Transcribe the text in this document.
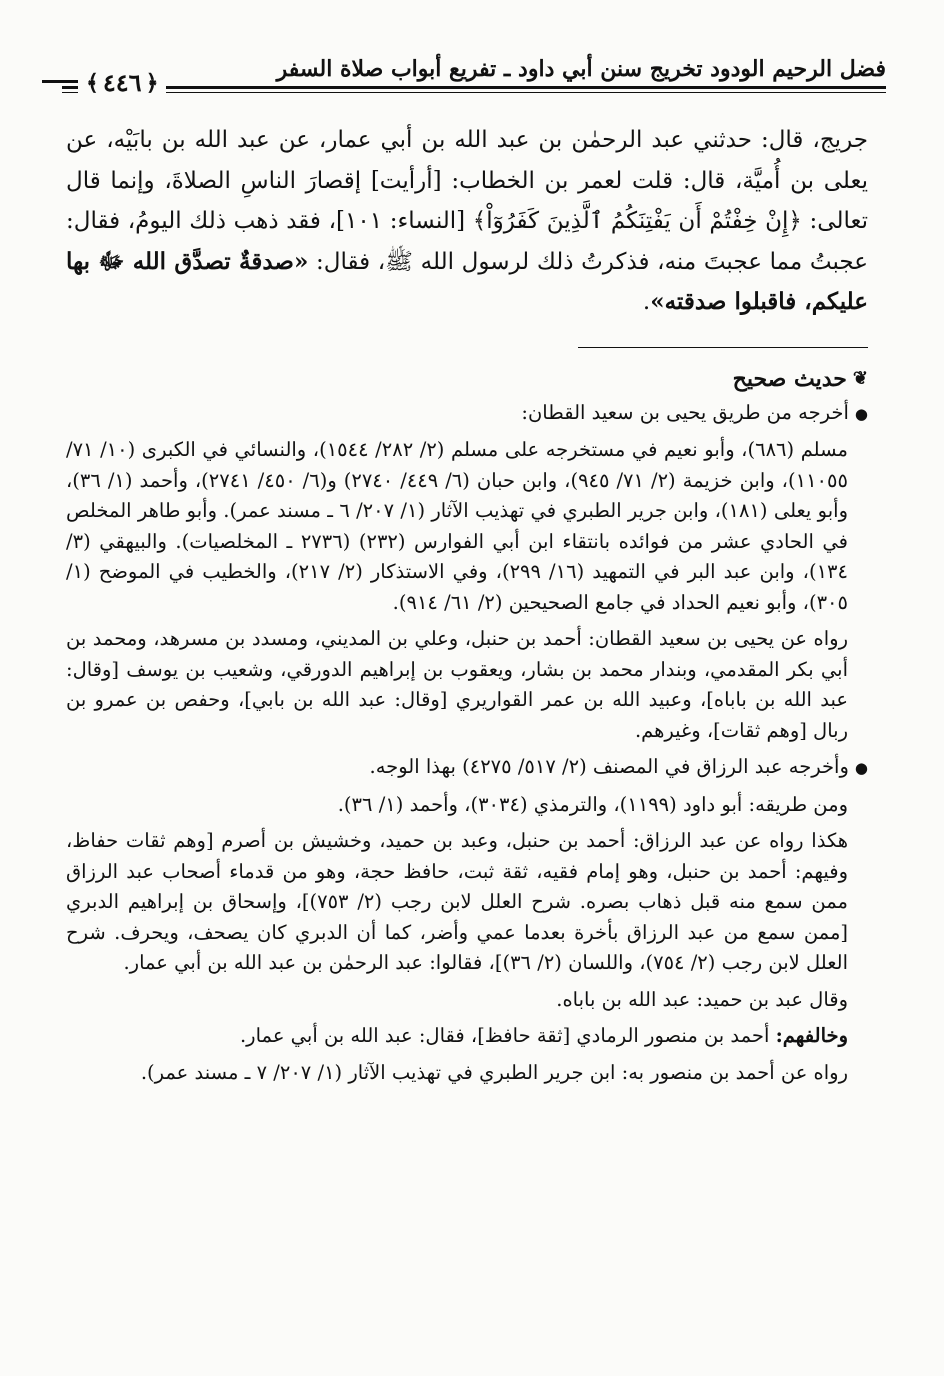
فضل الرحيم الودود تخريج سنن أبي داود ـ تفريع أبواب صلاة السفر
﴿
٤٤٦
﴾

جريج، قال: حدثني عبد الرحمٰن بن عبد الله بن أبي عمار، عن عبد الله بن بابَيْه، عن يعلى بن أُميَّة، قال: قلت لعمر بن الخطاب: [أرأيت] إقصارَ الناسِ الصلاةَ، وإنما قال تعالى: ﴿إِنْ خِفْتُمْ أَن يَفْتِنَكُمُ ٱلَّذِينَ كَفَرُوٓاْ﴾ [النساء: ١٠١]، فقد ذهب ذلك اليومُ، فقال: عجبتُ مما عجبتَ منه، فذكرتُ ذلك لرسول الله ﷺ، فقال: «صدقةٌ تصدَّق الله ﷻ بها عليكم، فاقبلوا صدقته».

❦
حديث صحيح

●أخرجه من طريق يحيى بن سعيد القطان:

مسلم (٦٨٦)، وأبو نعيم في مستخرجه على مسلم (٢/ ٢٨٢/ ١٥٤٤)، والنسائي في الكبرى (١٠/ ٧١/ ١١٠٥٥)، وابن خزيمة (٢/ ٧١/ ٩٤٥)، وابن حبان (٦/ ٤٤٩/ ٢٧٤٠) و(٦/ ٤٥٠/ ٢٧٤١)، وأحمد (١/ ٣٦)، وأبو يعلى (١٨١)، وابن جرير الطبري في تهذيب الآثار (١/ ٢٠٧/ ٦ ـ مسند عمر). وأبو طاهر المخلص في الحادي عشر من فوائده بانتقاء ابن أبي الفوارس (٢٣٢) (٢٧٣٦ ـ المخلصيات). والبيهقي (٣/ ١٣٤)، وابن عبد البر في التمهيد (١٦/ ٢٩٩)، وفي الاستذكار (٢/ ٢١٧)، والخطيب في الموضح (١/ ٣٠٥)، وأبو نعيم الحداد في جامع الصحيحين (٢/ ٦١/ ٩١٤).

رواه عن يحيى بن سعيد القطان: أحمد بن حنبل، وعلي بن المديني، ومسدد بن مسرهد، ومحمد بن أبي بكر المقدمي، وبندار محمد بن بشار، ويعقوب بن إبراهيم الدورقي، وشعيب بن يوسف [وقال: عبد الله بن باباه]، وعبيد الله بن عمر القواريري [وقال: عبد الله بن بابي]، وحفص بن عمرو بن ربال [وهم ثقات]، وغيرهم.

●وأخرجه عبد الرزاق في المصنف (٢/ ٥١٧/ ٤٢٧٥) بهذا الوجه.

ومن طريقه: أبو داود (١١٩٩)، والترمذي (٣٠٣٤)، وأحمد (١/ ٣٦).

هكذا رواه عن عبد الرزاق: أحمد بن حنبل، وعبد بن حميد، وخشيش بن أصرم [وهم ثقات حفاظ، وفيهم: أحمد بن حنبل، وهو إمام فقيه، ثقة ثبت، حافظ حجة، وهو من قدماء أصحاب عبد الرزاق ممن سمع منه قبل ذهاب بصره. شرح العلل لابن رجب (٢/ ٧٥٣)]، وإسحاق بن إبراهيم الدبري [ممن سمع من عبد الرزاق بأخرة بعدما عمي وأضر، كما أن الدبري كان يصحف، ويحرف. شرح العلل لابن رجب (٢/ ٧٥٤)، واللسان (٢/ ٣٦)]، فقالوا: عبد الرحمٰن بن عبد الله بن أبي عمار.

وقال عبد بن حميد: عبد الله بن باباه.

وخالفهم: أحمد بن منصور الرمادي [ثقة حافظ]، فقال: عبد الله بن أبي عمار.

رواه عن أحمد بن منصور به: ابن جرير الطبري في تهذيب الآثار (١/ ٢٠٧/ ٧ ـ مسند عمر).
